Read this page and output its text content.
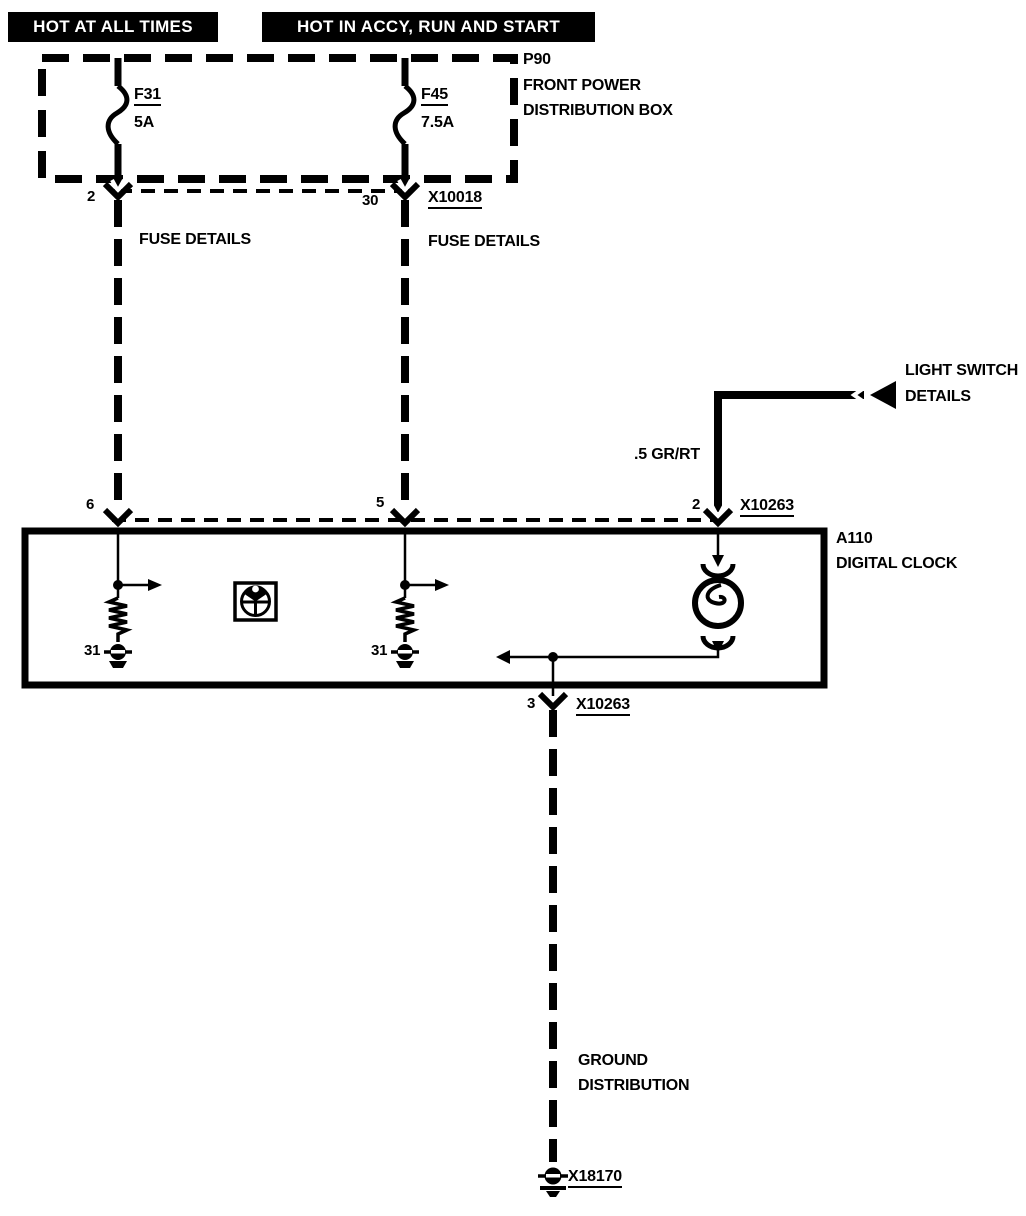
HOT AT ALL TIMES	HOT IN ACCY, RUN AND START
P90
FRONT POWER
DISTRIBUTION BOX
F31
5A
F45
7.5A
2	30	X10018
FUSE DETAILS	FUSE DETAILS
LIGHT SWITCH
DETAILS
.5 GR/RT
6	5	2 X10263
A110
DIGITAL CLOCK
31	31
3	X10263
GROUND
DISTRIBUTION
X18170
